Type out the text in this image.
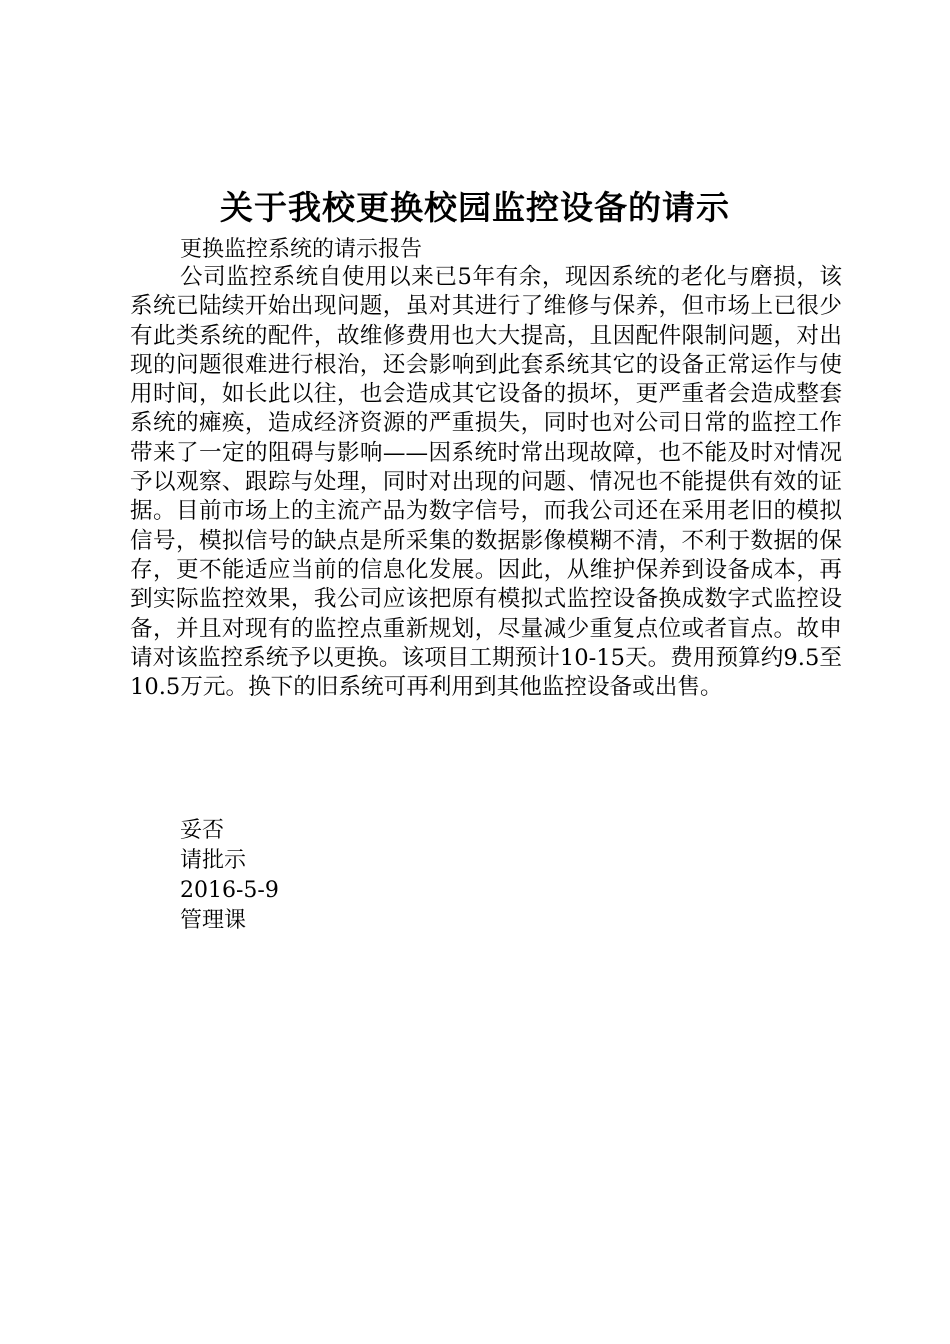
关于我校更换校园监控设备的请示
更换监控系统的请示报告
公司监控系统自使用以来已5年有余，现因系统的老化与磨损，该系统已陆续开始出现问题，虽对其进行了维修与保养，但市场上已很少有此类系统的配件，故维修费用也大大提高，且因配件限制问题，对出现的问题很难进行根治，还会影响到此套系统其它的设备正常运作与使用时间，如长此以往，也会造成其它设备的损坏，更严重者会造成整套系统的瘫痪，造成经济资源的严重损失，同时也对公司日常的监控工作带来了一定的阻碍与影响——因系统时常出现故障，也不能及时对情况予以观察、跟踪与处理，同时对出现的问题、情况也不能提供有效的证据。目前市场上的主流产品为数字信号，而我公司还在采用老旧的模拟信号，模拟信号的缺点是所采集的数据影像模糊不清，不利于数据的保存，更不能适应当前的信息化发展。因此，从维护保养到设备成本，再到实际监控效果，我公司应该把原有模拟式监控设备换成数字式监控设备，并且对现有的监控点重新规划，尽量减少重复点位或者盲点。故申请对该监控系统予以更换。该项目工期预计10-15天。费用预算约9.5至10.5万元。换下的旧系统可再利用到其他监控设备或出售。
妥否
请批示
2016-5-9
管理课
